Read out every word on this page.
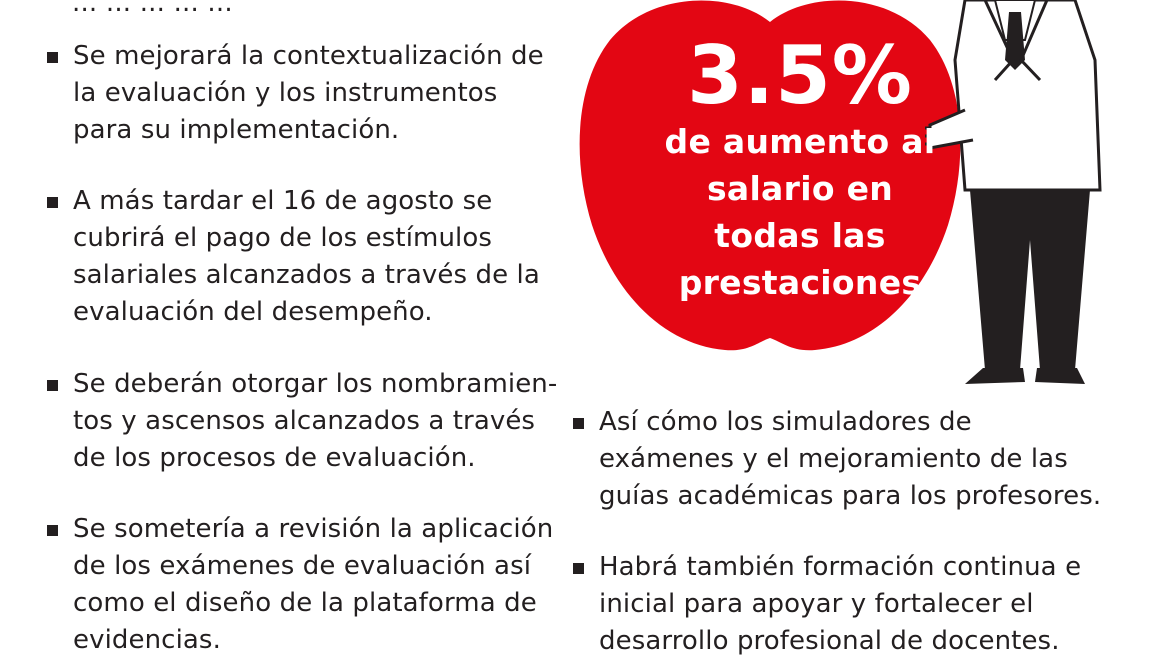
... ... ... ... ...
Se mejorará la contextualización de
la evaluación y los instrumentos
para su implementación.
A más tardar el 16 de agosto se
cubrirá el pago de los estímulos
salariales alcanzados a través de la
evaluación del desempeño.
Se deberán otorgar los nombramien-
tos y ascensos alcanzados a través
de los procesos de evaluación.
Se sometería a revisión la aplicación
de los exámenes de evaluación así
como el diseño de la plataforma de
evidencias.
Así cómo los simuladores de
exámenes y el mejoramiento de las
guías académicas para los profesores.
Habrá también formación continua e
inicial para apoyar y fortalecer el
desarrollo profesional de docentes.
3.5%
de aumento al
salario en
todas las
prestaciones
